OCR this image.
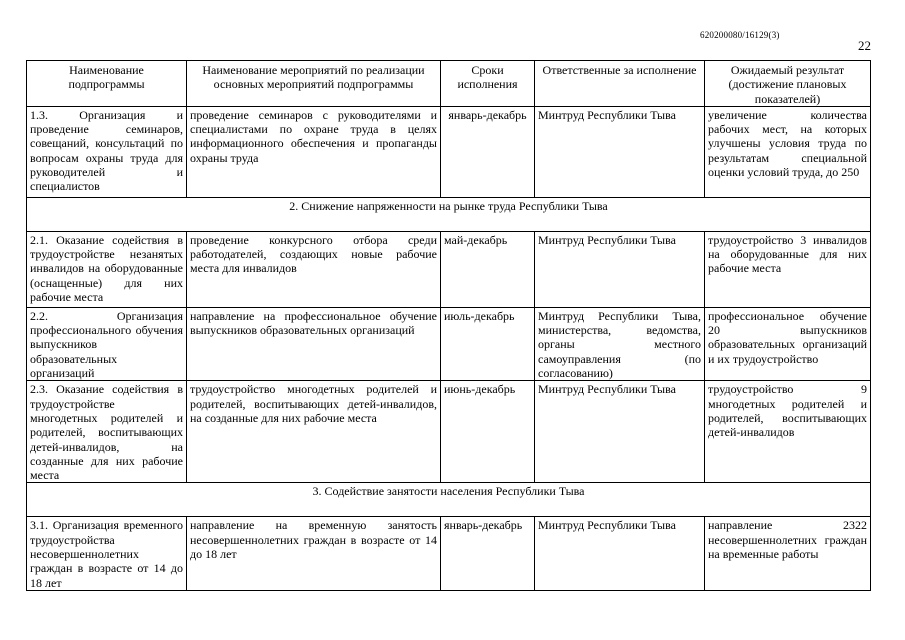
620200080/16129(3)
22
Наименование подпрограммы	Наименование мероприятий по реализации основных мероприятий подпрограммы	Сроки исполнения	Ответственные за исполнение	Ожидаемый результат (достижение плановых показателей)
1.3. Организация и проведение семинаров, совещаний, консультаций по вопросам охраны труда для руководителей и специалистов	проведение семинаров с руководителями и специалистами по охране труда в целях информационного обеспечения и пропаганды охраны труда	январь-декабрь	Минтруд Республики Тыва	увеличение количества рабочих мест, на которых улучшены условия труда по результатам специальной оценки условий труда, до 250
2. Снижение напряженности на рынке труда Республики Тыва				
2.1. Оказание содействия в трудоустройстве незанятых инвалидов на оборудованные (оснащенные) для них рабочие места	проведение конкурсного отбора среди работодателей, создающих новые рабочие места для инвалидов	май-декабрь	Минтруд Республики Тыва	трудоустройство 3 инвалидов на оборудованные для них рабочие места
2.2. Организация профессионального обучения выпускников образовательных организаций	направление на профессиональное обучение выпускников образовательных организаций	июль-декабрь	Минтруд Республики Тыва, министерства, ведомства, органы местного самоуправления (по согласованию)	профессиональное обучение 20 выпускников образовательных организаций и их трудоустройство
2.3. Оказание содействия в трудоустройстве многодетных родителей и родителей, воспитывающих детей-инвалидов, на созданные для них рабочие места	трудоустройство многодетных родителей и родителей, воспитывающих детей-инвалидов, на созданные для них рабочие места	июнь-декабрь	Минтруд Республики Тыва	трудоустройство 9 многодетных родителей и родителей, воспитывающих детей-инвалидов
3. Содействие занятости населения Республики Тыва				
3.1. Организация временного трудоустройства несовершеннолетних граждан в возрасте от 14 до 18 лет	направление на временную занятость несовершеннолетних граждан в возрасте от 14 до 18 лет	январь-декабрь	Минтруд Республики Тыва	направление 2322 несовершеннолетних граждан на временные работы
